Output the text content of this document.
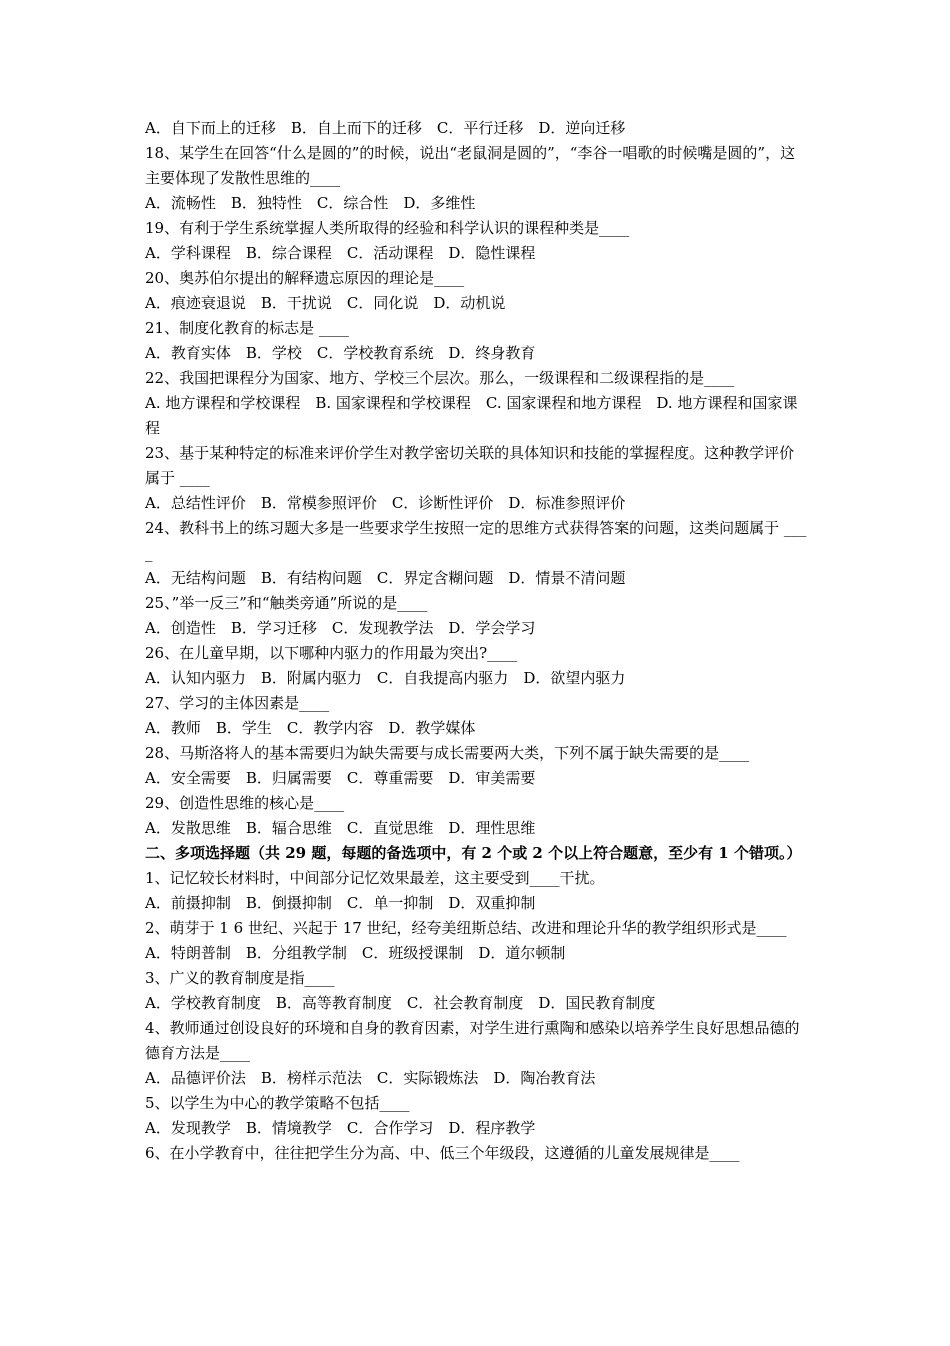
A．自下而上的迁移　B．自上而下的迁移　C．平行迁移　D．逆向迁移

18、某学生在回答“什么是圆的”的时候，说出“老鼠洞是圆的”，“李谷一唱歌的时候嘴是圆的”，这主要体现了发散性思维的____

A．流畅性　B．独特性　C．综合性　D．多维性

19、有利于学生系统掌握人类所取得的经验和科学认识的课程种类是____

A．学科课程　B．综合课程　C．活动课程　D．隐性课程

20、奥苏伯尔提出的解释遗忘原因的理论是____

A．痕迹衰退说　B．干扰说　C．同化说　D．动机说

21、制度化教育的标志是 ____

A．教育实体　B．学校　C．学校教育系统　D．终身教育

22、我国把课程分为国家、地方、学校三个层次。那么，一级课程和二级课程指的是____

A. 地方课程和学校课程　B. 国家课程和学校课程　C. 国家课程和地方课程　D. 地方课程和国家课程

23、基于某种特定的标准来评价学生对教学密切关联的具体知识和技能的掌握程度。这种教学评价属于 ____

A．总结性评价　B．常模参照评价　C．诊断性评价　D．标准参照评价

24、教科书上的练习题大多是一些要求学生按照一定的思维方式获得答案的问题，这类问题属于 ____

A．无结构问题　B．有结构问题　C．界定含糊问题　D．情景不清问题

25、”举一反三”和“触类旁通”所说的是____

A．创造性　B．学习迁移　C．发现教学法　D．学会学习

26、在儿童早期，以下哪种内驱力的作用最为突出?____

A．认知内驱力　B．附属内驱力　C．自我提高内驱力　D．欲望内驱力

27、学习的主体因素是____

A．教师　B．学生　C．教学内容　D．教学媒体

28、马斯洛将人的基本需要归为缺失需要与成长需要两大类，下列不属于缺失需要的是____

A．安全需要　B．归属需要　C．尊重需要　D．审美需要

29、创造性思维的核心是____

A．发散思维　B．辐合思维　C．直觉思维　D．理性思维

二、多项选择题（共 29 题，每题的备选项中，有 2 个或 2 个以上符合题意，至少有 1 个错项。）

1、记忆较长材料时，中间部分记忆效果最差，这主要受到____干扰。

A．前摄抑制　B．倒摄抑制　C．单一抑制　D．双重抑制

2、萌芽于 1 6 世纪、兴起于 17 世纪，经夸美纽斯总结、改进和理论升华的教学组织形式是____

A．特朗普制　B．分组教学制　C．班级授课制　D．道尔顿制

3、广义的教育制度是指____

A．学校教育制度　B．高等教育制度　C．社会教育制度　D．国民教育制度

4、教师通过创设良好的环境和自身的教育因素，对学生进行熏陶和感染以培养学生良好思想品德的德育方法是____

A．品德评价法　B．榜样示范法　C．实际锻炼法　D．陶冶教育法

5、以学生为中心的教学策略不包括____

A．发现教学　B．情境教学　C．合作学习　D．程序教学

6、在小学教育中，往往把学生分为高、中、低三个年级段，这遵循的儿童发展规律是____
